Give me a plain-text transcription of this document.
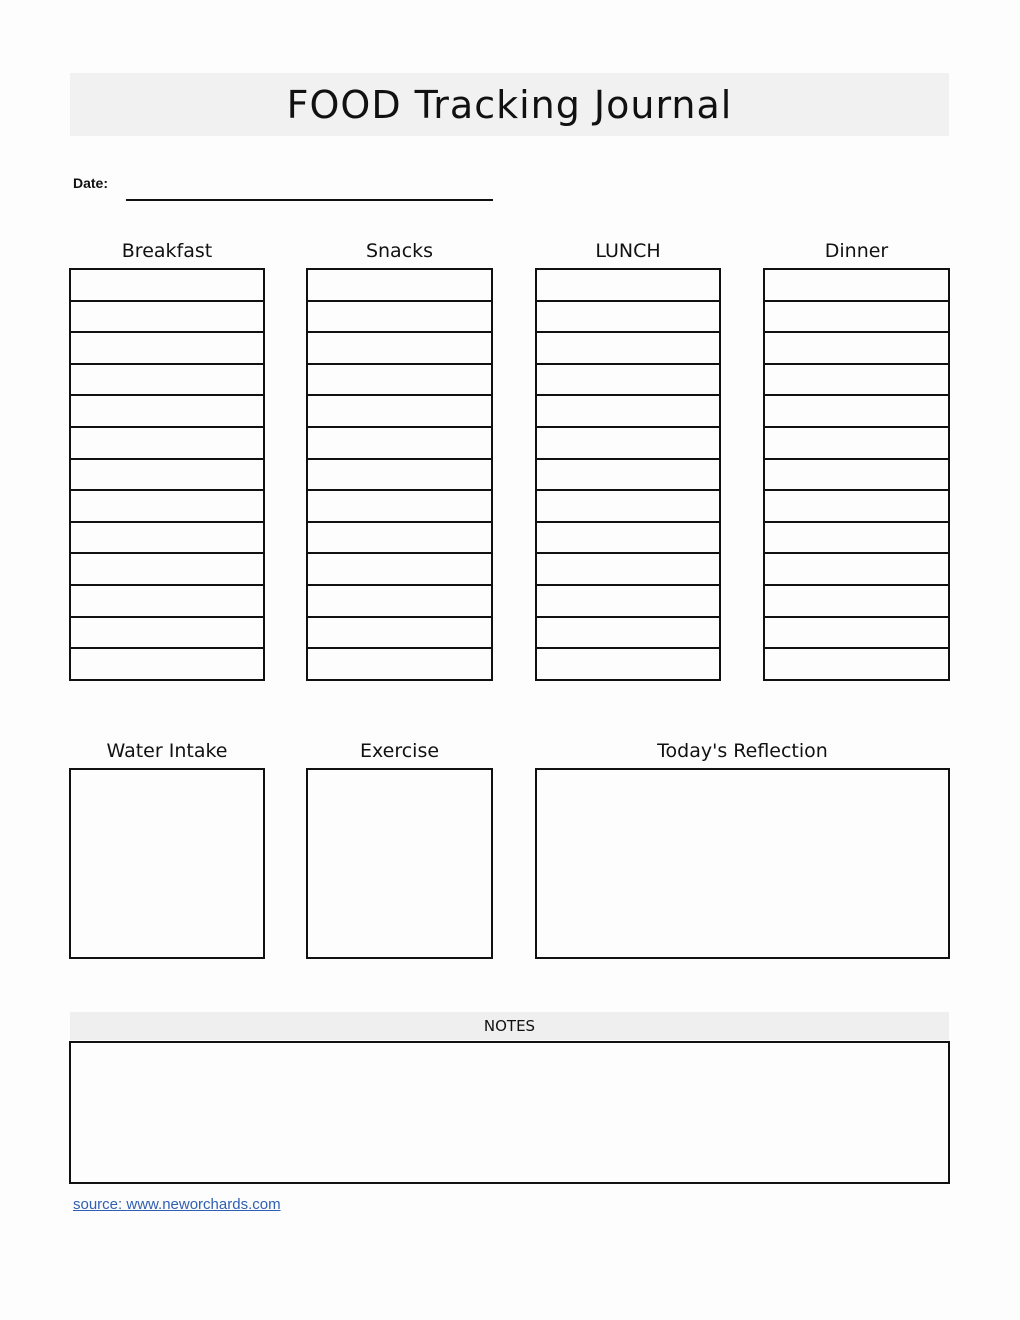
FOOD Tracking Journal
Date:
Breakfast	Snacks	LUNCH	Dinner
Water Intake	Exercise	Today's Reflection
NOTES
source: www.neworchards.com
